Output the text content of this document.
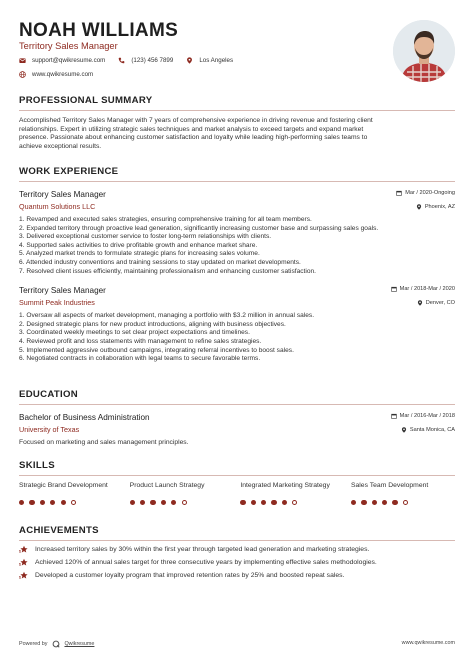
NOAH WILLIAMS
Territory Sales Manager
support@qwikresume.com	(123) 456 7899	Los Angeles
www.qwikresume.com
PROFESSIONAL SUMMARY
Accomplished Territory Sales Manager with 7 years of comprehensive experience in driving revenue and fostering client
relationships. Expert in utilizing strategic sales techniques and market analysis to exceed targets and expand market
presence. Passionate about enhancing customer satisfaction and loyalty while leading high-performing sales teams to
achieve exceptional results.
WORK EXPERIENCE
Territory Sales Manager	Mar / 2020-Ongoing
Quantum Solutions LLC	Phoenix, AZ
1. Revamped and executed sales strategies, ensuring comprehensive training for all team members.
2. Expanded territory through proactive lead generation, significantly increasing customer base and surpassing sales goals.
3. Delivered exceptional customer service to foster long-term relationships with clients.
4. Supported sales activities to drive profitable growth and enhance market share.
5. Analyzed market trends to formulate strategic plans for increasing sales volume.
6. Attended industry conventions and training sessions to stay updated on market developments.
7. Resolved client issues efficiently, maintaining professionalism and enhancing customer satisfaction.
Territory Sales Manager	Mar / 2018-Mar / 2020
Summit Peak Industries	Denver, CO
1. Oversaw all aspects of market development, managing a portfolio with $3.2 million in annual sales.
2. Designed strategic plans for new product introductions, aligning with business objectives.
3. Coordinated weekly meetings to set clear project expectations and timelines.
4. Reviewed profit and loss statements with management to refine sales strategies.
5. Implemented aggressive outbound campaigns, integrating referral incentives to boost sales.
6. Negotiated contracts in collaboration with legal teams to secure favorable terms.
EDUCATION
Bachelor of Business Administration	Mar / 2016-Mar / 2018
University of Texas	Santa Monica, CA
Focused on marketing and sales management principles.
SKILLS
Strategic Brand Development	Product Launch Strategy	Integrated Marketing Strategy	Sales Team Development
ACHIEVEMENTS
Increased territory sales by 30% within the first year through targeted lead generation and marketing strategies.
Achieved 120% of annual sales target for three consecutive years by implementing effective sales methodologies.
Developed a customer loyalty program that improved retention rates by 25% and boosted repeat sales.
Powered by	Qwikresume	www.qwikresume.com
